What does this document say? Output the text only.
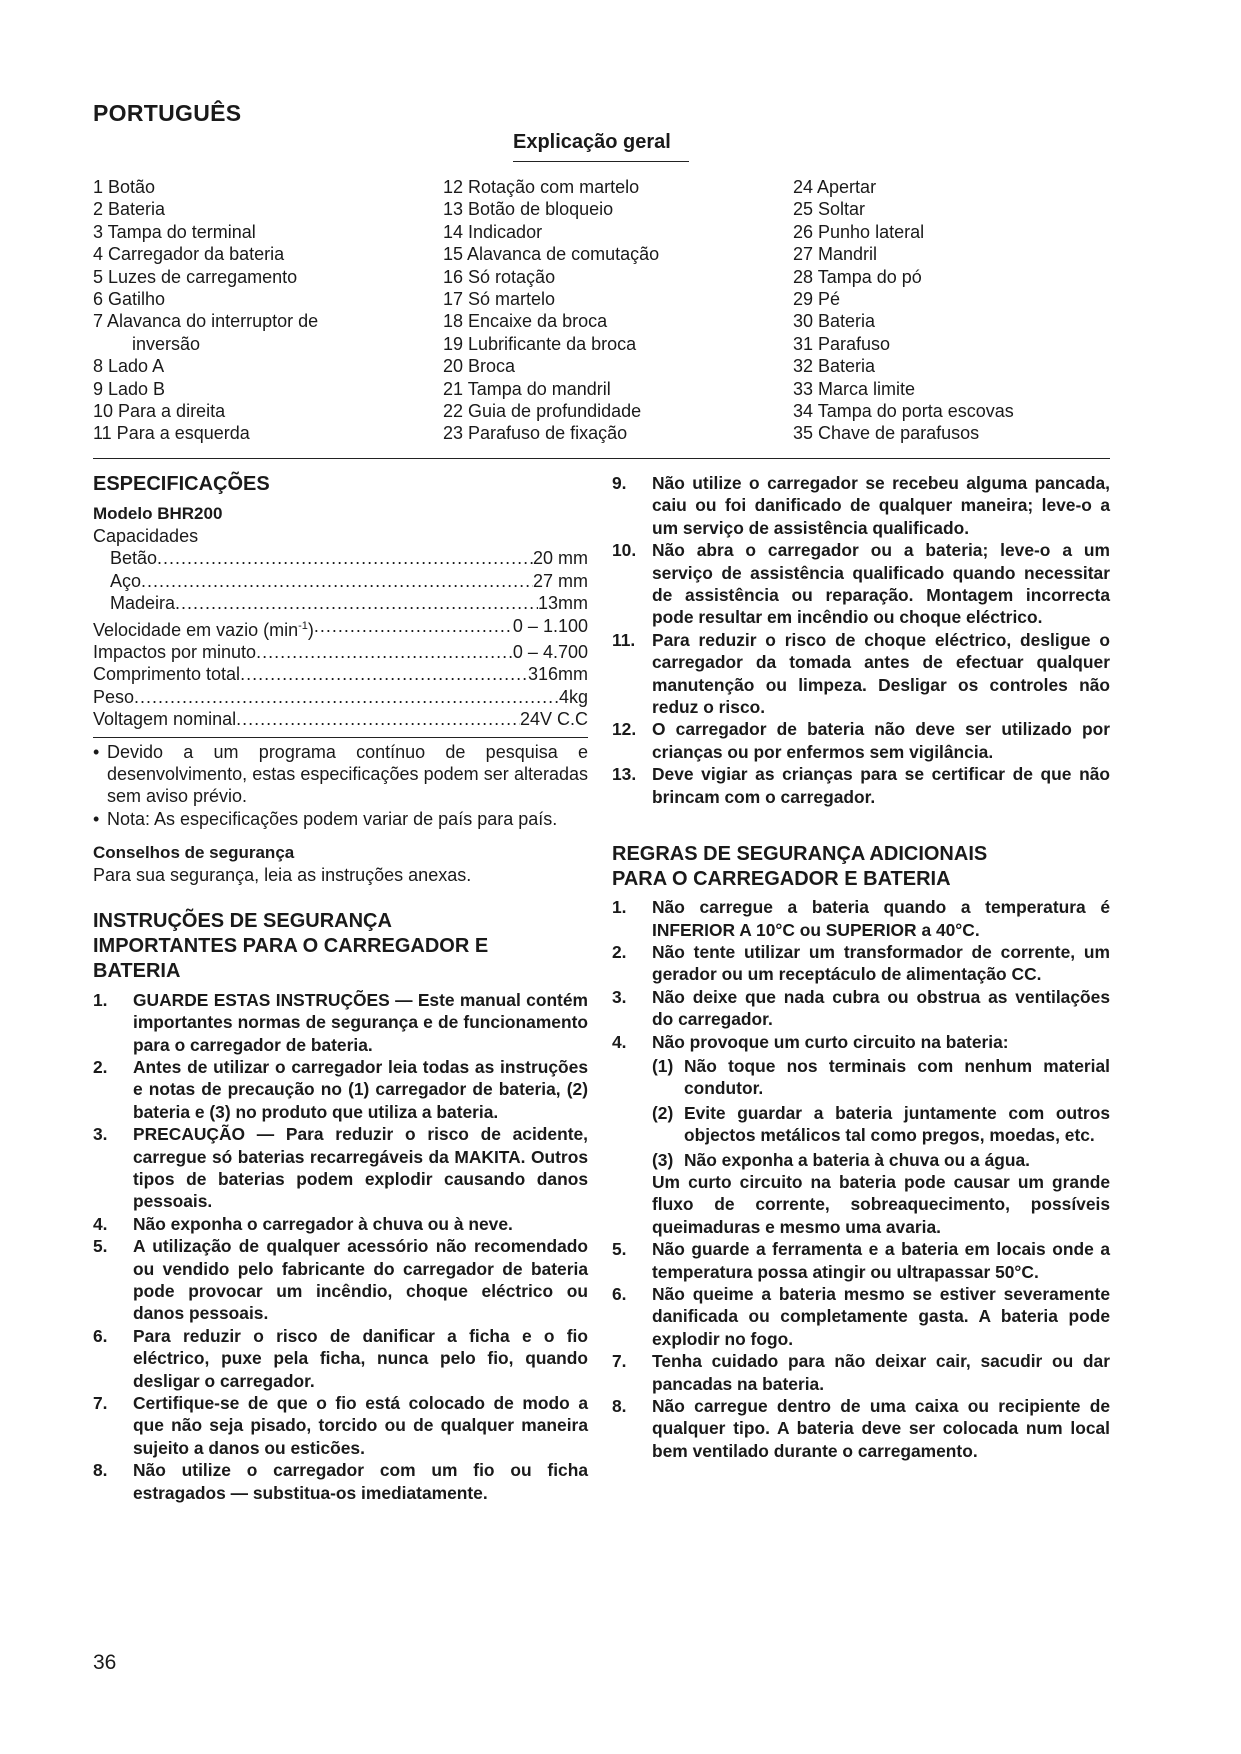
PORTUGUÊS
Explicação geral
1 Botão
2 Bateria
3 Tampa do terminal
4 Carregador da bateria
5 Luzes de carregamento
6 Gatilho
7 Alavanca do interruptor de
inversão
8 Lado A
9 Lado B
10 Para a direita
11 Para a esquerda
12 Rotação com martelo
13 Botão de bloqueio
14 Indicador
15 Alavanca de comutação
16 Só rotação
17 Só martelo
18 Encaixe da broca
19 Lubrificante da broca
20 Broca
21 Tampa do mandril
22 Guia de profundidade
23 Parafuso de fixação
24 Apertar
25 Soltar
26 Punho lateral
27 Mandril
28 Tampa do pó
29 Pé
30 Bateria
31 Parafuso
32 Bateria
33 Marca limite
34 Tampa do porta escovas
35 Chave de parafusos
ESPECIFICAÇÕES
Modelo BHR200
Capacidades
Betão .....	20 mm
Aço .....	27 mm
Madeira .....	13mm
Velocidade em vazio $(\min^{-1})$ .....	0 – 1.100
Impactos por minuto .....	0 – 4.700
Comprimento total .....	316mm
Peso .....	4kg
Voltagem nominal .....	24V C.C
• Devido a um programa contínuo de pesquisa e desenvolvimento, estas especificações podem ser alteradas sem aviso prévio.
• Nota: As especificações podem variar de país para país.
Conselhos de segurança
Para sua segurança, leia as instruções anexas.
INSTRUÇÕES DE SEGURANÇA
IMPORTANTES PARA O CARREGADOR E
BATERIA
1.	GUARDE ESTAS INSTRUÇÕES — Este manual contém importantes normas de segurança e de funcionamento para o carregador de bateria.
2.	Antes de utilizar o carregador leia todas as instruções e notas de precaução no (1) carregador de bateria, (2) bateria e (3) no produto que utiliza a bateria.
3.	PRECAUÇÃO — Para reduzir o risco de acidente, carregue só baterias recarregáveis da MAKITA. Outros tipos de baterias podem explodir causando danos pessoais.
4.	Não exponha o carregador à chuva ou à neve.
5.	A utilização de qualquer acessório não recomendado ou vendido pelo fabricante do carregador de bateria pode provocar um incêndio, choque eléctrico ou danos pessoais.
6.	Para reduzir o risco de danificar a ficha e o fio eléctrico, puxe pela ficha, nunca pelo fio, quando desligar o carregador.
7.	Certifique-se de que o fio está colocado de modo a que não seja pisado, torcido ou de qualquer maneira sujeito a danos ou esticões.
8.	Não utilize o carregador com um fio ou ficha estragados — substitua-os imediatamente.
9.	Não utilize o carregador se recebeu alguma pancada, caiu ou foi danificado de qualquer maneira; leve-o a um serviço de assistência qualificado.
10. Não abra o carregador ou a bateria; leve-o a um serviço de assistência qualificado quando necessitar de assistência ou reparação. Montagem incorrecta pode resultar em incêndio ou choque eléctrico.
11. Para reduzir o risco de choque eléctrico, desligue o carregador da tomada antes de efectuar qualquer manutenção ou limpeza. Desligar os controles não reduz o risco.
12. O carregador de bateria não deve ser utilizado por crianças ou por enfermos sem vigilância.
13. Deve vigiar as crianças para se certificar de que não brincam com o carregador.
REGRAS DE SEGURANÇA ADICIONAIS
PARA O CARREGADOR E BATERIA
1.	Não carregue a bateria quando a temperatura é INFERIOR A 10°C ou SUPERIOR a 40°C.
2.	Não tente utilizar um transformador de corrente, um gerador ou um receptáculo de alimentação CC.
3.	Não deixe que nada cubra ou obstrua as ventilações do carregador.
4.	Não provoque um curto circuito na bateria:
(1) Não toque nos terminais com nenhum material condutor.
(2) Evite guardar a bateria juntamente com outros objectos metálicos tal como pregos, moedas, etc.
(3) Não exponha a bateria à chuva ou a água.
Um curto circuito na bateria pode causar um grande fluxo de corrente, sobreaquecimento, possíveis queimaduras e mesmo uma avaria.
5.	Não guarde a ferramenta e a bateria em locais onde a temperatura possa atingir ou ultrapassar 50°C.
6.	Não queime a bateria mesmo se estiver severamente danificada ou completamente gasta. A bateria pode explodir no fogo.
7.	Tenha cuidado para não deixar cair, sacudir ou dar pancadas na bateria.
8.	Não carregue dentro de uma caixa ou recipiente de qualquer tipo. A bateria deve ser colocada num local bem ventilado durante o carregamento.
36
